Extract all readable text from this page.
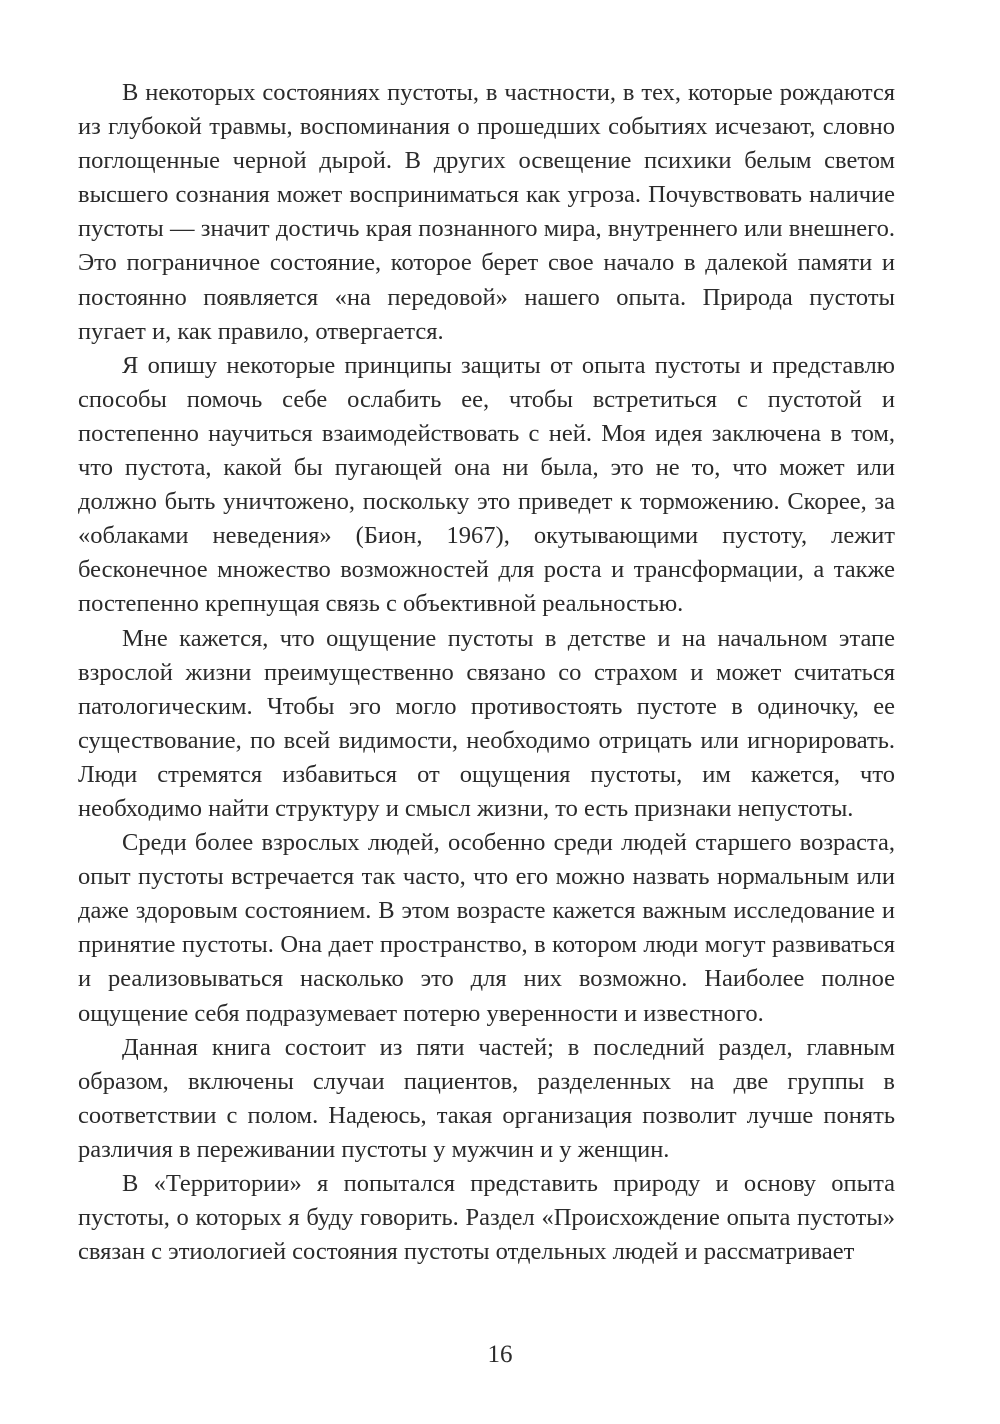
В некоторых состояниях пустоты, в частности, в тех, которые рождаются из глубокой травмы, воспоминания о прошедших событиях исчезают, словно поглощенные черной дырой. В других освещение психики белым светом высшего сознания может восприниматься как угроза. Почувствовать наличие пустоты — значит достичь края познанного мира, внутреннего или внешнего. Это пограничное состояние, которое берет свое начало в далекой памяти и постоянно появляется «на передовой» нашего опыта. Природа пустоты пугает и, как правило, отвергается.

Я опишу некоторые принципы защиты от опыта пустоты и представлю способы помочь себе ослабить ее, чтобы встретиться с пустотой и постепенно научиться взаимодействовать с ней. Моя идея заключена в том, что пустота, какой бы пугающей она ни была, это не то, что может или должно быть уничтожено, поскольку это приведет к торможению. Скорее, за «облаками неведения» (Бион, 1967), окутывающими пустоту, лежит бесконечное множество возможностей для роста и трансформации, а также постепенно крепнущая связь с объективной реальностью.

Мне кажется, что ощущение пустоты в детстве и на начальном этапе взрослой жизни преимущественно связано со страхом и может считаться патологическим. Чтобы эго могло противостоять пустоте в одиночку, ее существование, по всей видимости, необходимо отрицать или игнорировать. Люди стремятся избавиться от ощущения пустоты, им кажется, что необходимо найти структуру и смысл жизни, то есть признаки непустоты.

Среди более взрослых людей, особенно среди людей старшего возраста, опыт пустоты встречается так часто, что его можно назвать нормальным или даже здоровым состоянием. В этом возрасте кажется важным исследование и принятие пустоты. Она дает пространство, в котором люди могут развиваться и реализовываться насколько это для них возможно. Наиболее полное ощущение себя подразумевает потерю уверенности и известного.

Данная книга состоит из пяти частей; в последний раздел, главным образом, включены случаи пациентов, разделенных на две группы в соответствии с полом. Надеюсь, такая организация позволит лучше понять различия в переживании пустоты у мужчин и у женщин.

В «Территории» я попытался представить природу и основу опыта пустоты, о которых я буду говорить. Раздел «Происхождение опыта пустоты» связан с этиологией состояния пустоты отдельных людей и рассматривает

16
